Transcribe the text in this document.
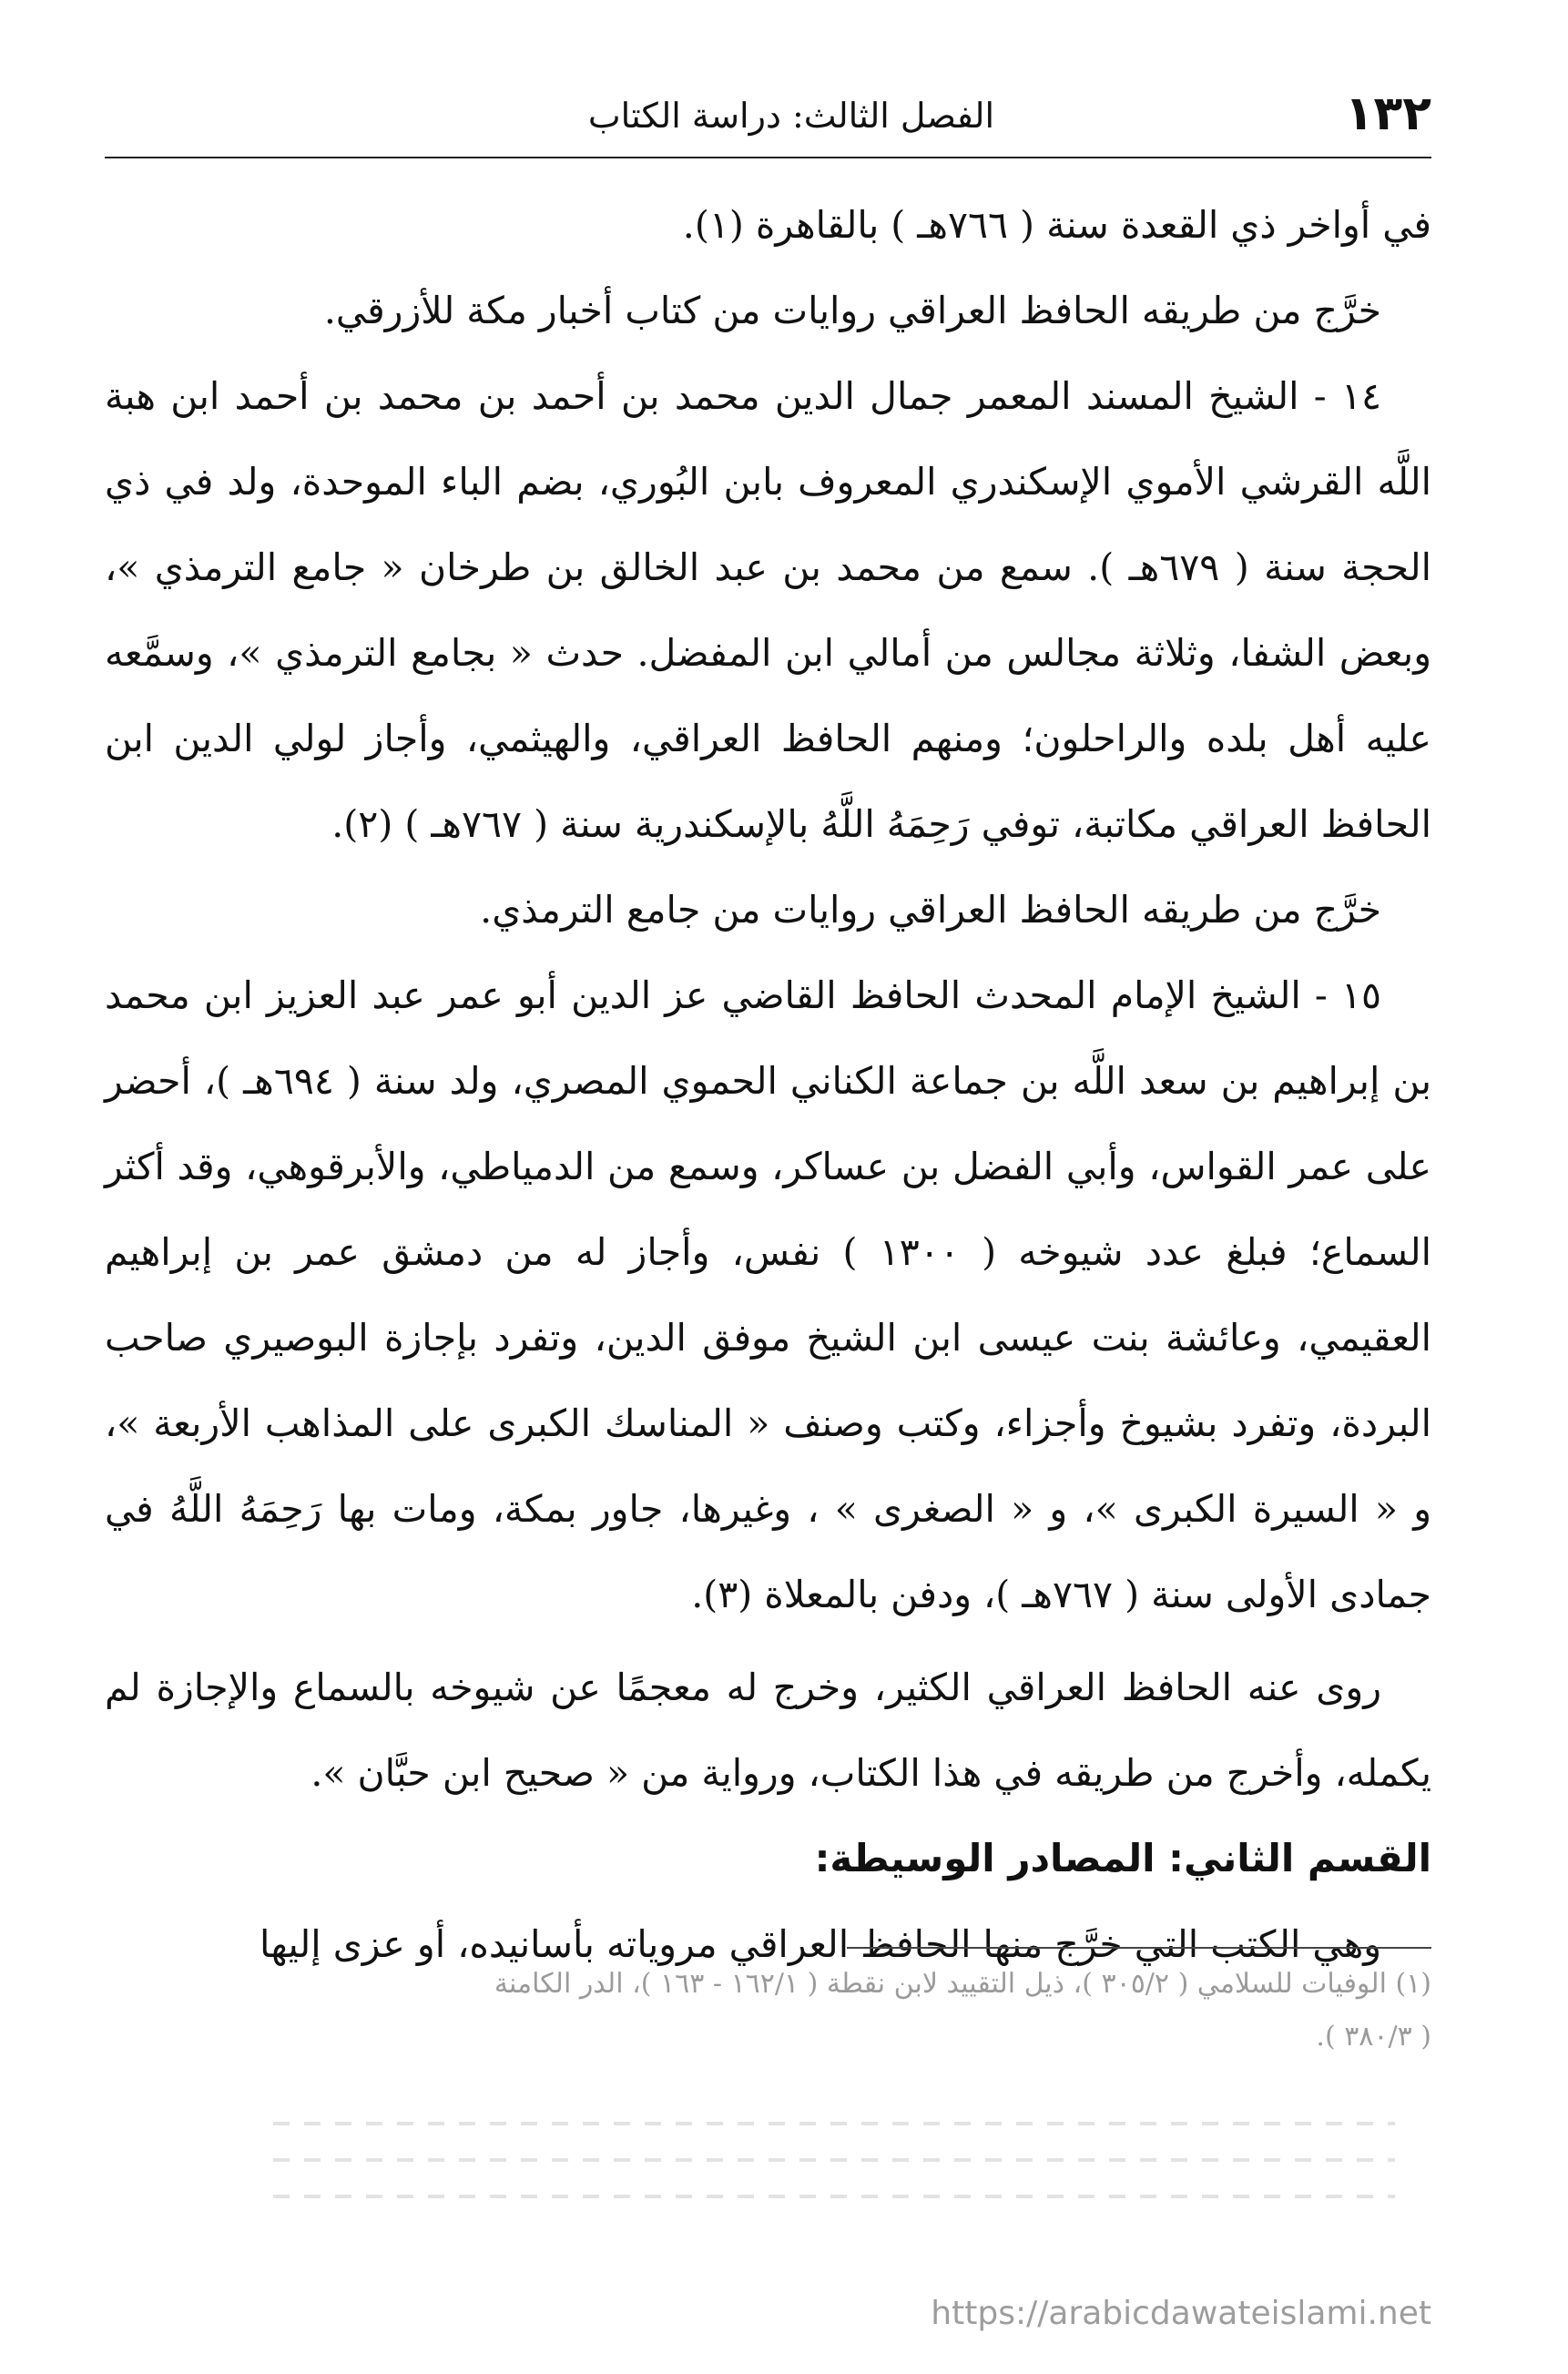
١٣٢
الفصل الثالث: دراسة الكتاب

في أواخر ذي القعدة سنة ( ٧٦٦هـ ) بالقاهرة (١).

خرَّج من طريقه الحافظ العراقي روايات من كتاب أخبار مكة للأزرقي.

١٤ - الشيخ المسند المعمر جمال الدين محمد بن أحمد بن محمد بن أحمد ابن هبة اللَّه القرشي الأموي الإسكندري المعروف بابن البُوري، بضم الباء الموحدة، ولد في ذي الحجة سنة ( ٦٧٩هـ ). سمع من محمد بن عبد الخالق بن طرخان « جامع الترمذي »، وبعض الشفا، وثلاثة مجالس من أمالي ابن المفضل. حدث « بجامع الترمذي »، وسمَّعه عليه أهل بلده والراحلون؛ ومنهم الحافظ العراقي، والهيثمي، وأجاز لولي الدين ابن الحافظ العراقي مكاتبة، توفي رَحِمَهُ اللَّهُ بالإسكندرية سنة ( ٧٦٧هـ ) (٢).

خرَّج من طريقه الحافظ العراقي روايات من جامع الترمذي.

١٥ - الشيخ الإمام المحدث الحافظ القاضي عز الدين أبو عمر عبد العزيز ابن محمد بن إبراهيم بن سعد اللَّه بن جماعة الكناني الحموي المصري، ولد سنة ( ٦٩٤هـ )، أحضر على عمر القواس، وأبي الفضل بن عساكر، وسمع من الدمياطي، والأبرقوهي، وقد أكثر السماع؛ فبلغ عدد شيوخه ( ١٣٠٠ ) نفس، وأجاز له من دمشق عمر بن إبراهيم العقيمي، وعائشة بنت عيسى ابن الشيخ موفق الدين، وتفرد بإجازة البوصيري صاحب البردة، وتفرد بشيوخ وأجزاء، وكتب وصنف « المناسك الكبرى على المذاهب الأربعة »، و « السيرة الكبرى »، و « الصغرى » ، وغيرها، جاور بمكة، ومات بها رَحِمَهُ اللَّهُ في جمادى الأولى سنة ( ٧٦٧هـ )، ودفن بالمعلاة (٣).

روى عنه الحافظ العراقي الكثير، وخرج له معجمًا عن شيوخه بالسماع والإجازة لم يكمله، وأخرج من طريقه في هذا الكتاب، ورواية من « صحيح ابن حبَّان ».

القسم الثاني: المصادر الوسيطة:

وهي الكتب التي خرَّج منها الحافظ العراقي مروياته بأسانيده، أو عزى إليها

(١) الوفيات للسلامي ( ٣٠٥/٢ )، ذيل التقييد لابن نقطة ( ١٦٢/١ - ١٦٣ )، الدر الكامنة

( ٣٨٠/٣ ).

https://arabicdawateislami.net
